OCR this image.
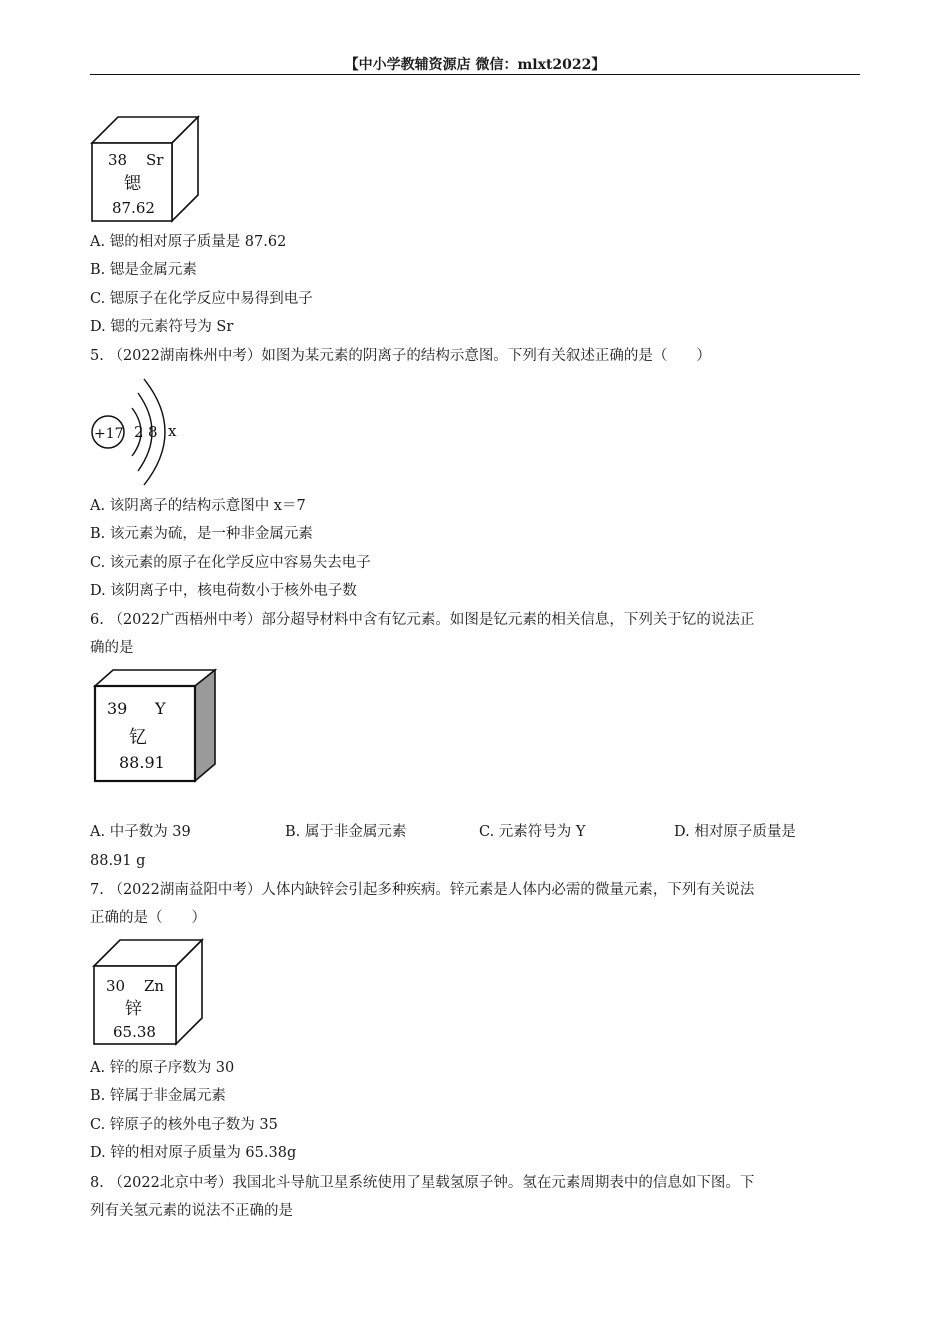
【中小学教辅资源店 微信：mlxt2022】
38 Sr
锶
87.62
A. 锶的相对原子质量是 87.62
B. 锶是金属元素
C. 锶原子在化学反应中易得到电子
D. 锶的元素符号为 Sr
5. （2022湖南株州中考）如图为某元素的阴离子的结构示意图。下列有关叙述正确的是（　　）
+17 2 8 x
A. 该阴离子的结构示意图中 x＝7
B. 该元素为硫，是一种非金属元素
C. 该元素的原子在化学反应中容易失去电子
D. 该阴离子中，核电荷数小于核外电子数
6. （2022广西梧州中考）部分超导材料中含有钇元素。如图是钇元素的相关信息，下列关于钇的说法正
确的是
39 Y
钇
88.91
A. 中子数为 39	B. 属于非金属元素	C. 元素符号为 Y	D. 相对原子质量是
88.91 g
7. （2022湖南益阳中考）人体内缺锌会引起多种疾病。锌元素是人体内必需的微量元素，下列有关说法
正确的是（　　）
30 Zn
锌
65.38
A. 锌的原子序数为 30
B. 锌属于非金属元素
C. 锌原子的核外电子数为 35
D. 锌的相对原子质量为 65.38g
8. （2022北京中考）我国北斗导航卫星系统使用了星载氢原子钟。氢在元素周期表中的信息如下图。下
列有关氢元素的说法不正确的是
